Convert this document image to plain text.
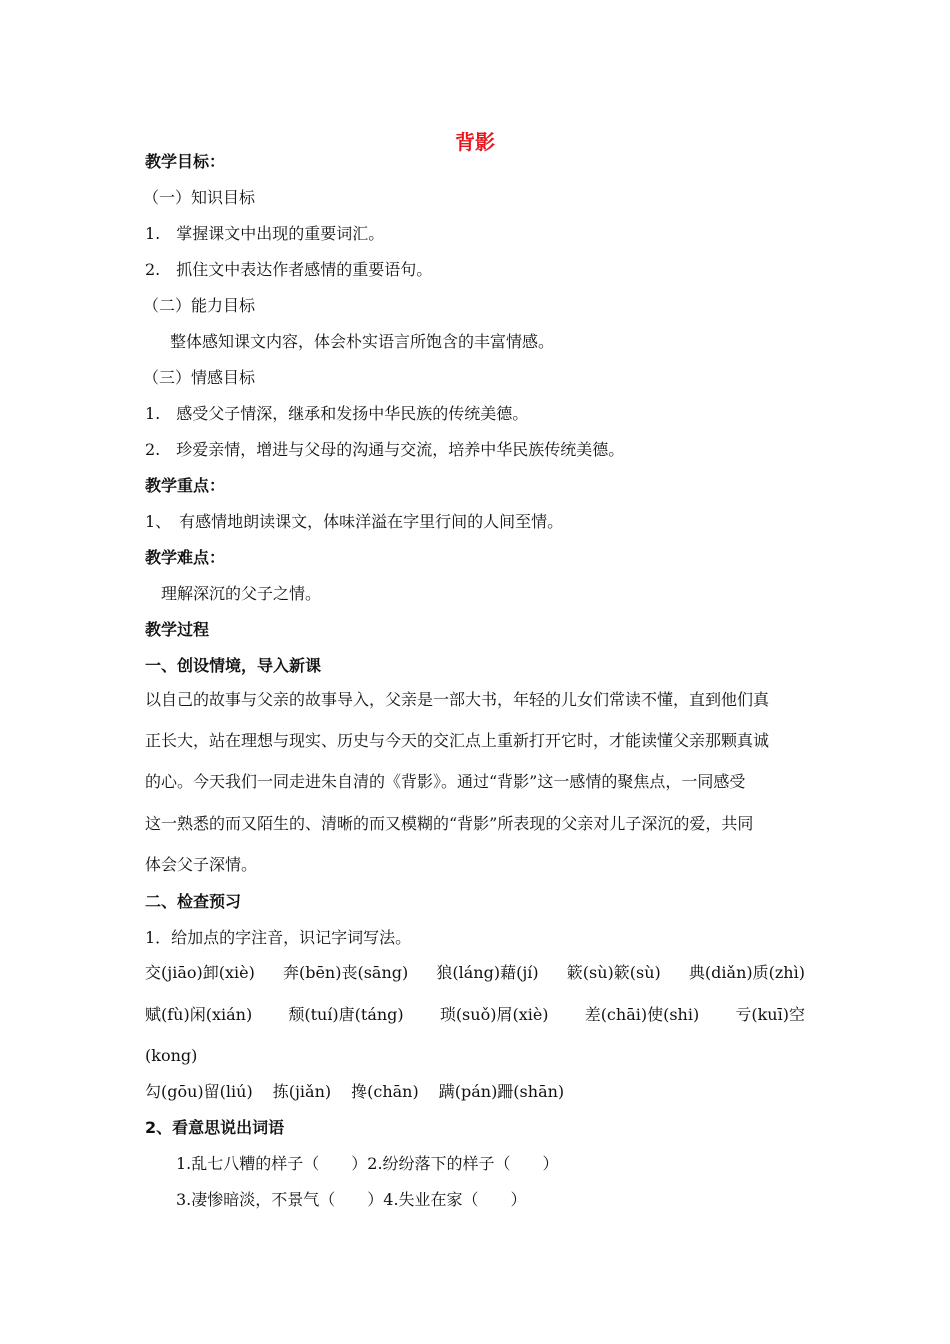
背影
教学目标：
（一）知识目标
1.　掌握课文中出现的重要词汇。
2.　抓住文中表达作者感情的重要语句。
（二）能力目标
整体感知课文内容，体会朴实语言所饱含的丰富情感。
（三）情感目标
1.　感受父子情深，继承和发扬中华民族的传统美德。
2.　珍爱亲情，增进与父母的沟通与交流，培养中华民族传统美德。
教学重点：
1、　有感情地朗读课文，体味洋溢在字里行间的人间至情。
教学难点：
理解深沉的父子之情。
教学过程
一、创设情境，导入新课
以自己的故事与父亲的故事导入，父亲是一部大书，年轻的儿女们常读不懂，直到他们真
正长大，站在理想与现实、历史与今天的交汇点上重新打开它时，才能读懂父亲那颗真诚
的心。今天我们一同走进朱自清的《背影》。通过“背影”这一感情的聚焦点，一同感受
这一熟悉的而又陌生的、清晰的而又模糊的“背影”所表现的父亲对儿子深沉的爱，共同
体会父子深情。
二、检查预习
1．给加点的字注音，识记字词写法。
交(jiāo)卸(xiè) 奔(bēn)丧(sāng) 狼(láng)藉(jí) 簌(sù)簌(sù) 典(diǎn)质(zhì)
赋(fù)闲(xián) 颓(tuí)唐(táng) 琐(suǒ)屑(xiè) 差(chāi)使(shi) 亏(kuī)空
(kong)
勾(gōu)留(liú) 拣(jiǎn) 搀(chān) 蹒(pán)跚(shān)
2、看意思说出词语
1.乱七八糟的样子（　　）2.纷纷落下的样子（　　）
3.凄惨暗淡，不景气（　　）4.失业在家（　　）
